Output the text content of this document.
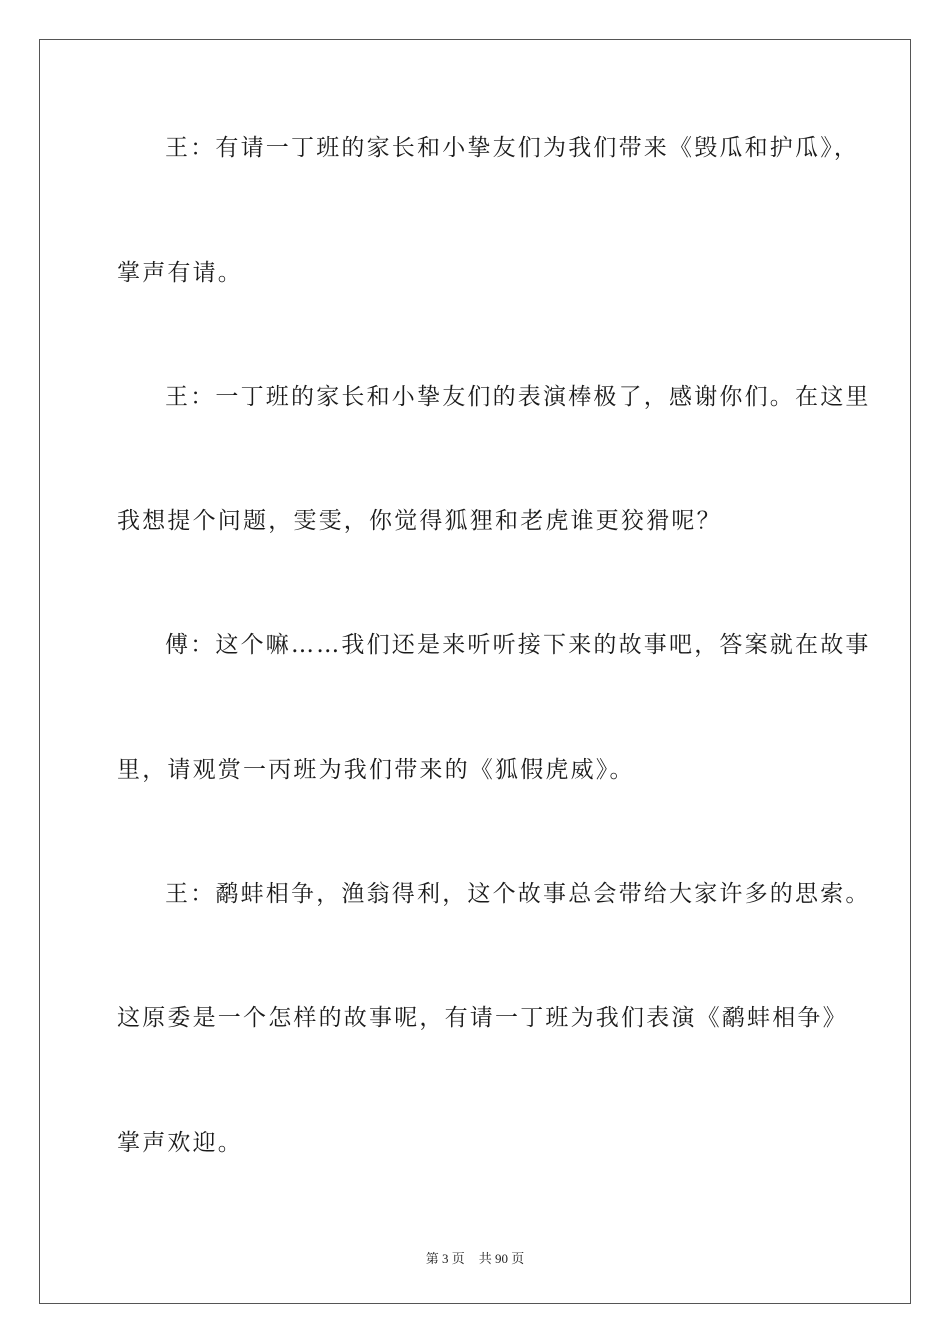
王：有请一丁班的家长和小挚友们为我们带来《毁瓜和护瓜》，
掌声有请。
王：一丁班的家长和小挚友们的表演棒极了，感谢你们。在这里
我想提个问题，雯雯，你觉得狐狸和老虎谁更狡猾呢？
傅：这个嘛……我们还是来听听接下来的故事吧，答案就在故事
里，请观赏一丙班为我们带来的《狐假虎威》。
王：鹬蚌相争，渔翁得利，这个故事总会带给大家许多的思索。
这原委是一个怎样的故事呢，有请一丁班为我们表演《鹬蚌相争》
掌声欢迎。
第 3 页 共 90 页
